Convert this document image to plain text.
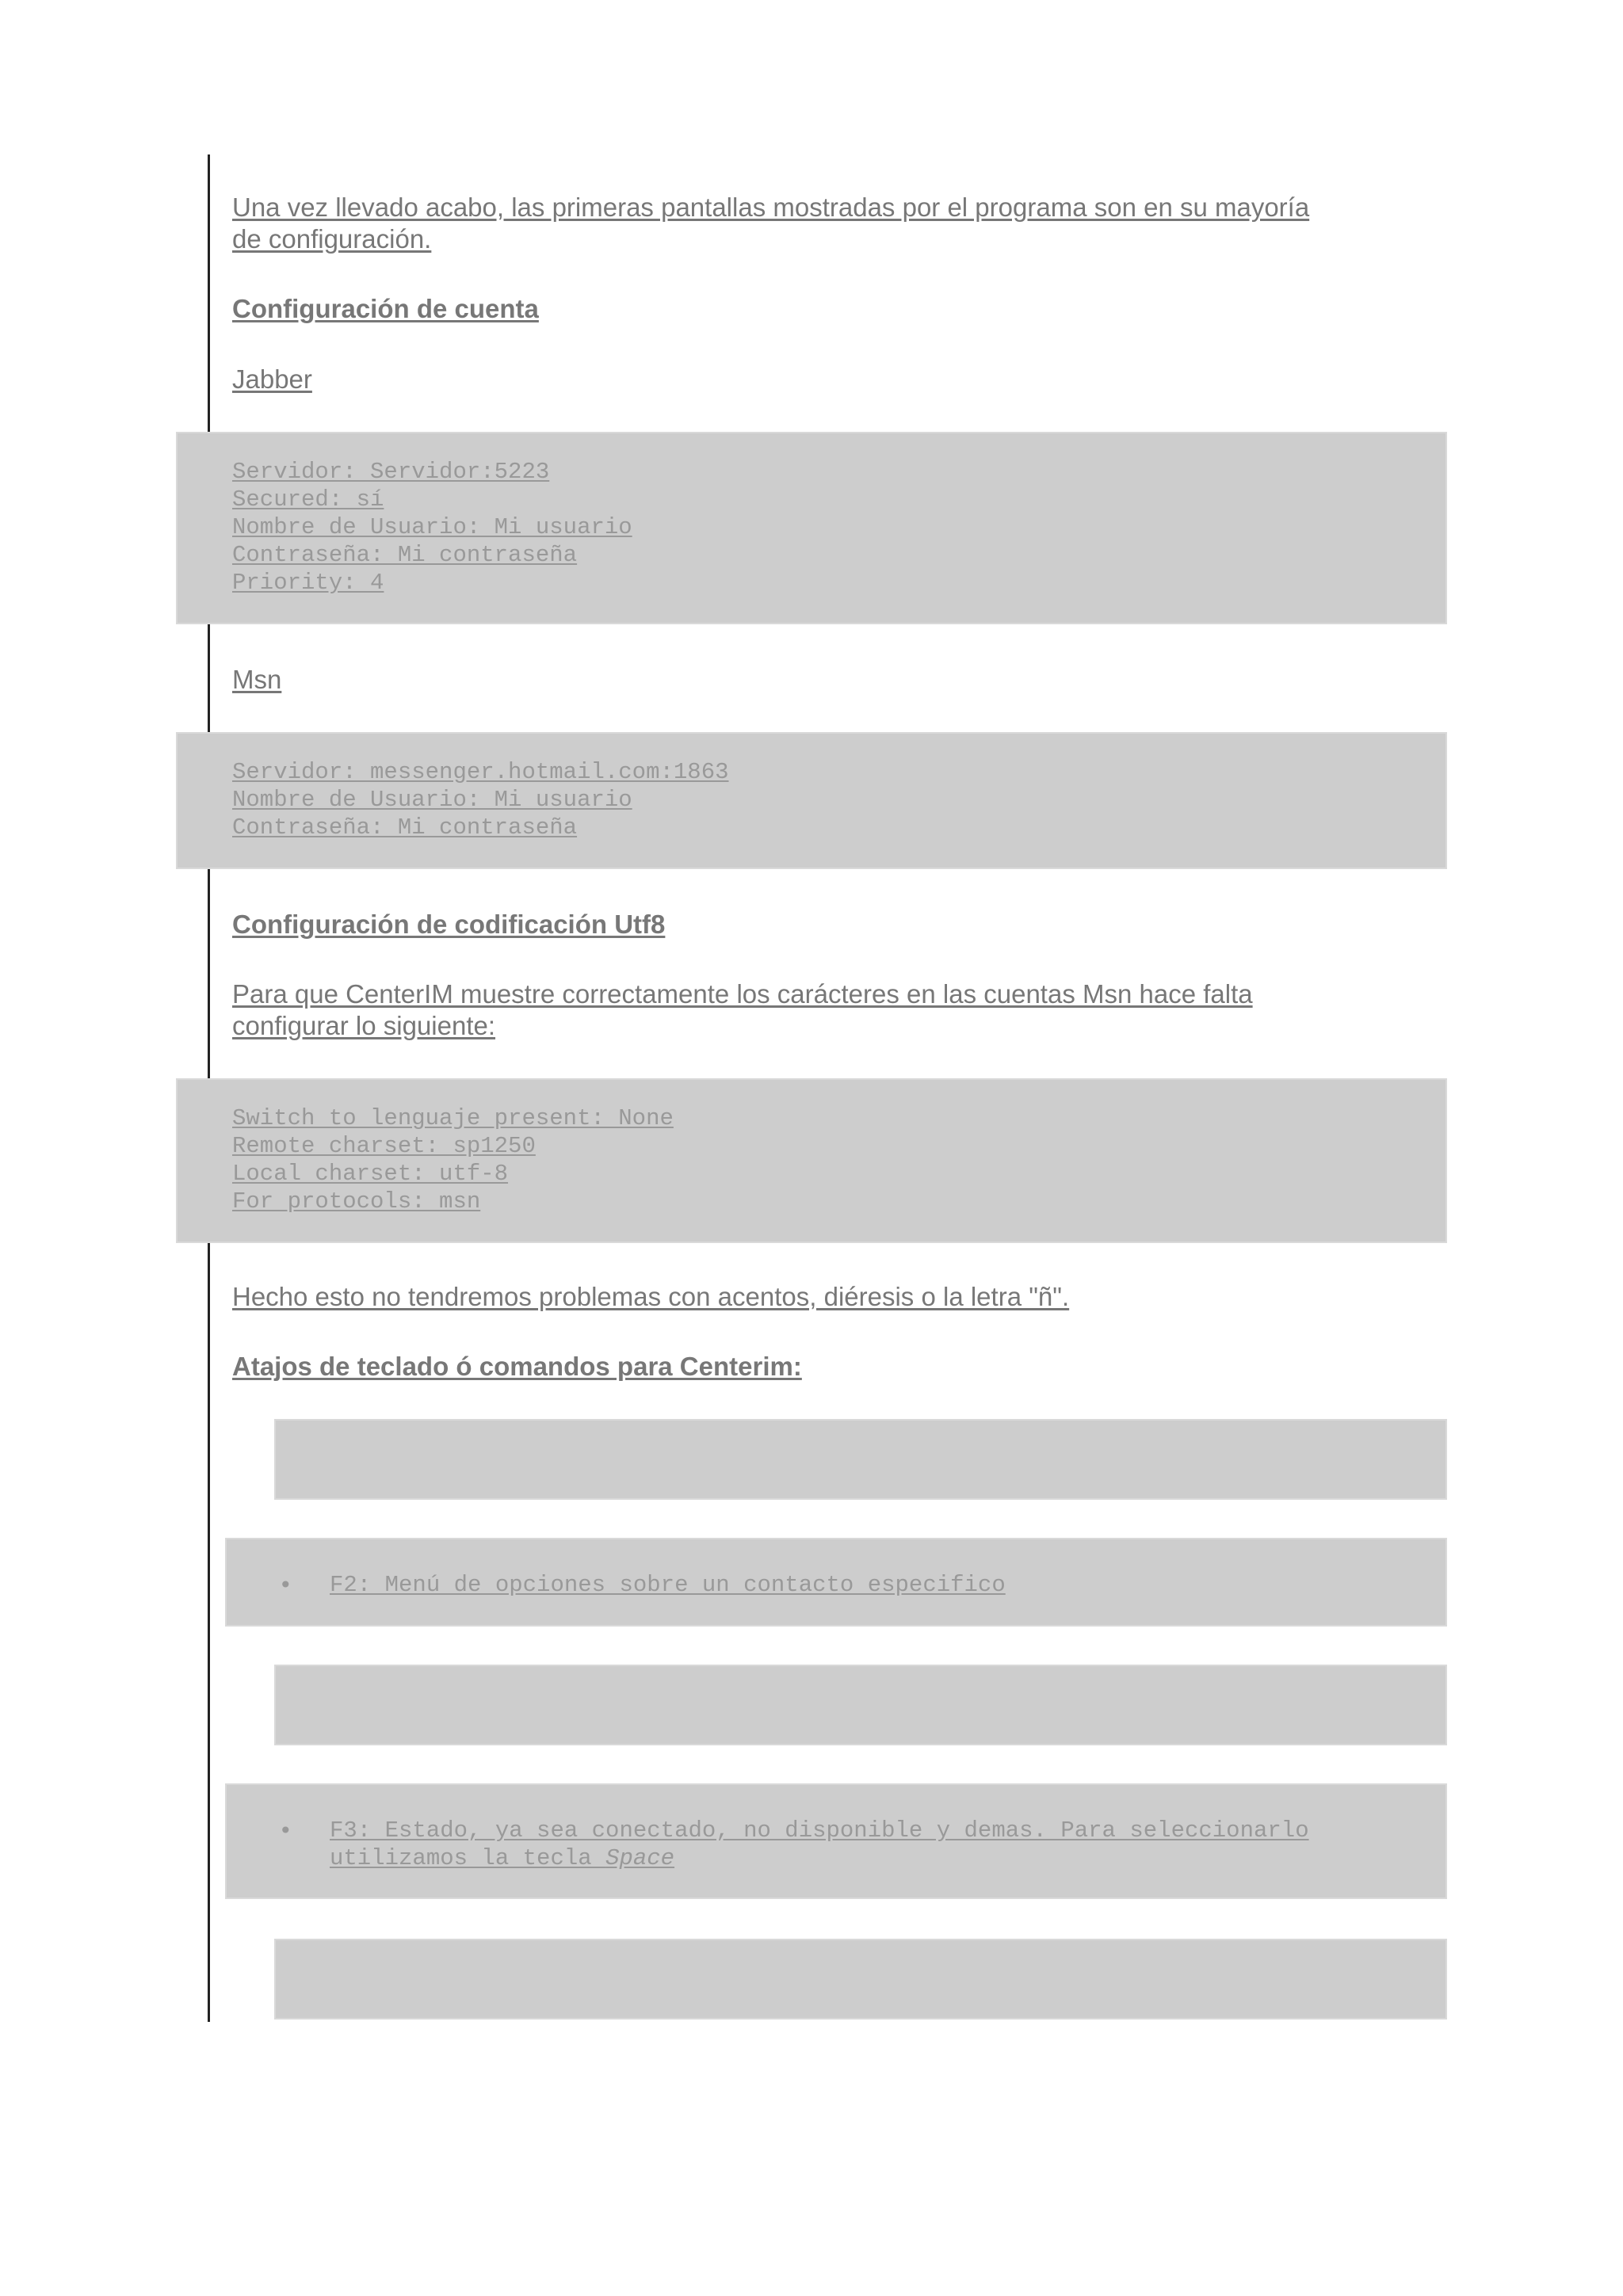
Una vez llevado acabo, las primeras pantallas mostradas por el programa son en su mayoría
de configuración.
Configuración de cuenta
Jabber
Servidor: Servidor:5223
Secured: sí
Nombre de Usuario: Mi usuario
Contraseña: Mi contraseña
Priority: 4
Msn
Servidor: messenger.hotmail.com:1863
Nombre de Usuario: Mi usuario
Contraseña: Mi contraseña
Configuración de codificación Utf8
Para que CenterIM muestre correctamente los carácteres en las cuentas Msn hace falta
configurar lo siguiente:
Switch to lenguaje present: None
Remote charset: sp1250
Local charset: utf-8
For protocols: msn
Hecho esto no tendremos problemas con acentos, diéresis o la letra "ñ".
Atajos de teclado ó comandos para Centerim:
• F2: Menú de opciones sobre un contacto especifico
• F3: Estado, ya sea conectado, no disponible y demas. Para seleccionarlo
utilizamos la tecla Space
